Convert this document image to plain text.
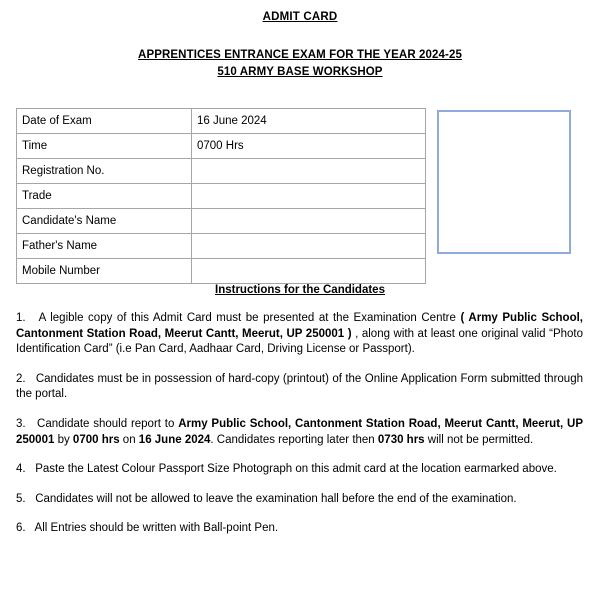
ADMIT CARD
APPRENTICES ENTRANCE EXAM FOR THE YEAR 2024-25
510 ARMY BASE WORKSHOP
Date of Exam	16 June 2024
Time	0700 Hrs
Registration No.	
Trade	
Candidate's Name	
Father's Name	
Mobile Number	
Instructions for the Candidates

1.   A legible copy of this Admit Card must be presented at the Examination Centre ( Army Public School, Cantonment Station Road, Meerut Cantt, Meerut, UP 250001 ) , along with at least one original valid “Photo Identification Card” (i.e Pan Card, Aadhaar Card, Driving License or Passport).

2.   Candidates must be in possession of hard-copy (printout) of the Online Application Form submitted through the portal.

3.   Candidate should report to Army Public School, Cantonment Station Road, Meerut Cantt, Meerut, UP 250001 by 0700 hrs on 16 June 2024. Candidates reporting later then 0730 hrs will not be permitted.

4.   Paste the Latest Colour Passport Size Photograph on this admit card at the location earmarked above.

5.   Candidates will not be allowed to leave the examination hall before the end of the examination.

6.   All Entries should be written with Ball-point Pen.
